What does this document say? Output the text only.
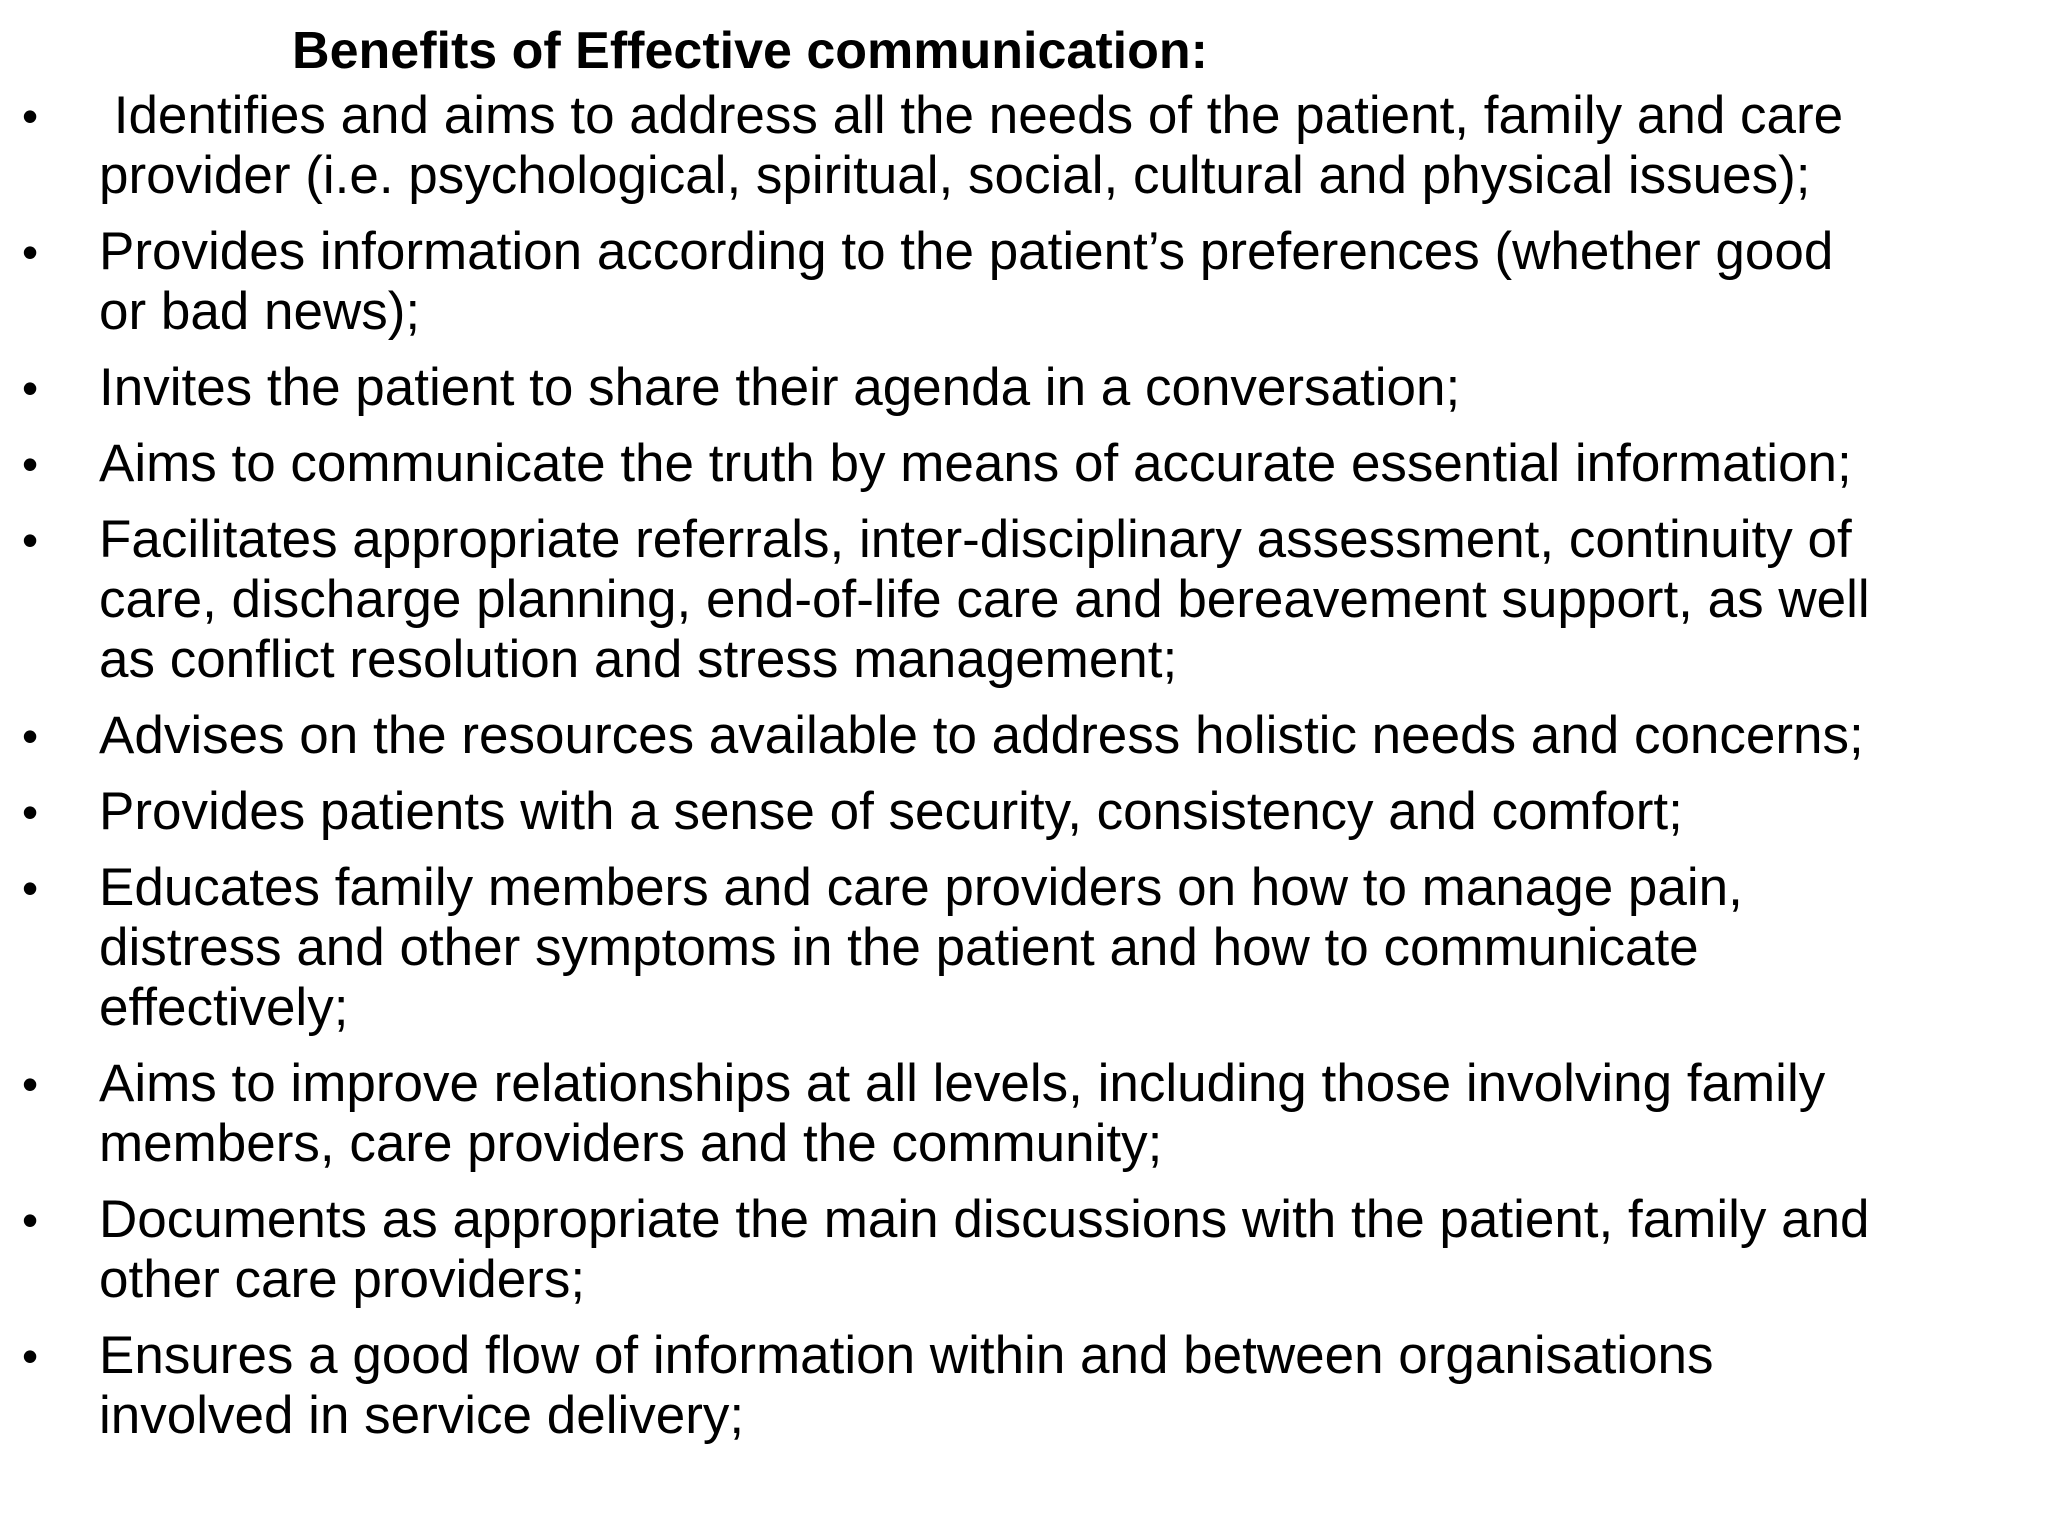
Benefits of Effective communication:
• Identifies and aims to address all the needs of the patient, family and care
provider (i.e. psychological, spiritual, social, cultural and physical issues);
• Provides information according to the patient’s preferences (whether good
or bad news);
• Invites the patient to share their agenda in a conversation;
• Aims to communicate the truth by means of accurate essential information;
• Facilitates appropriate referrals, inter-disciplinary assessment, continuity of
care, discharge planning, end-of-life care and bereavement support, as well
as conflict resolution and stress management;
• Advises on the resources available to address holistic needs and concerns;
• Provides patients with a sense of security, consistency and comfort;
• Educates family members and care providers on how to manage pain,
distress and other symptoms in the patient and how to communicate
effectively;
• Aims to improve relationships at all levels, including those involving family
members, care providers and the community;
• Documents as appropriate the main discussions with the patient, family and
other care providers;
• Ensures a good flow of information within and between organisations
involved in service delivery;
